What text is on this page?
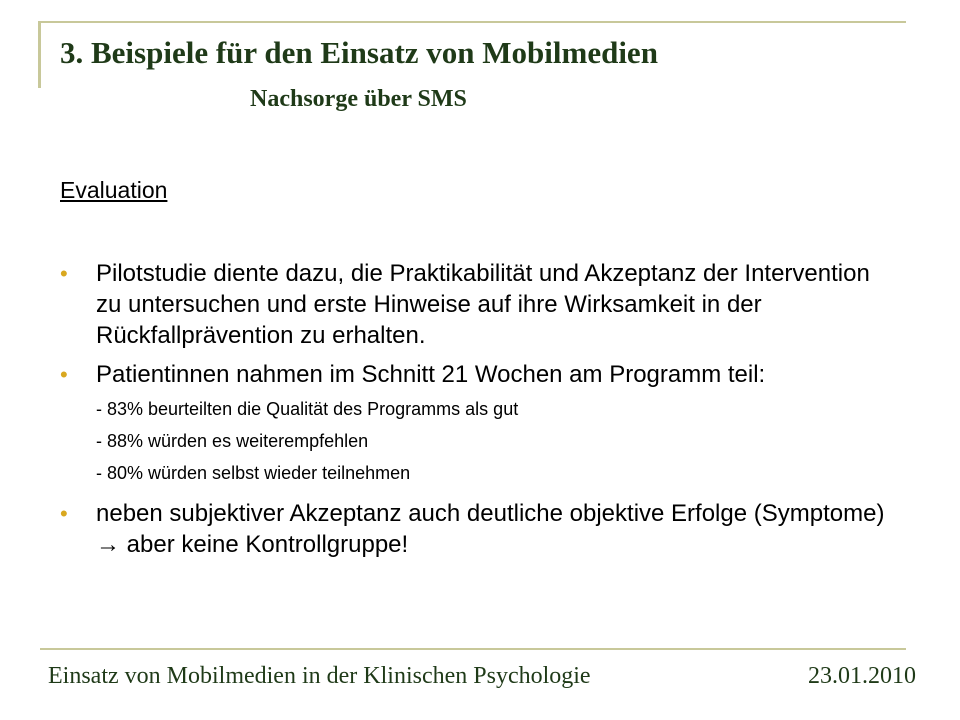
3. Beispiele für den Einsatz von Mobilmedien
Nachsorge über SMS
Evaluation
• Pilotstudie diente dazu, die Praktikabilität und Akzeptanz der Intervention zu untersuchen und erste Hinweise auf ihre Wirksamkeit in der Rückfallprävention zu erhalten.
• Patientinnen nahmen im Schnitt 21 Wochen am Programm teil:
- 83% beurteilten die Qualität des Programms als gut
- 88% würden es weiterempfehlen
- 80% würden selbst wieder teilnehmen
• neben subjektiver Akzeptanz auch deutliche objektive Erfolge (Symptome) → aber keine Kontrollgruppe!
Einsatz von Mobilmedien in der Klinischen Psychologie	23.01.2010
